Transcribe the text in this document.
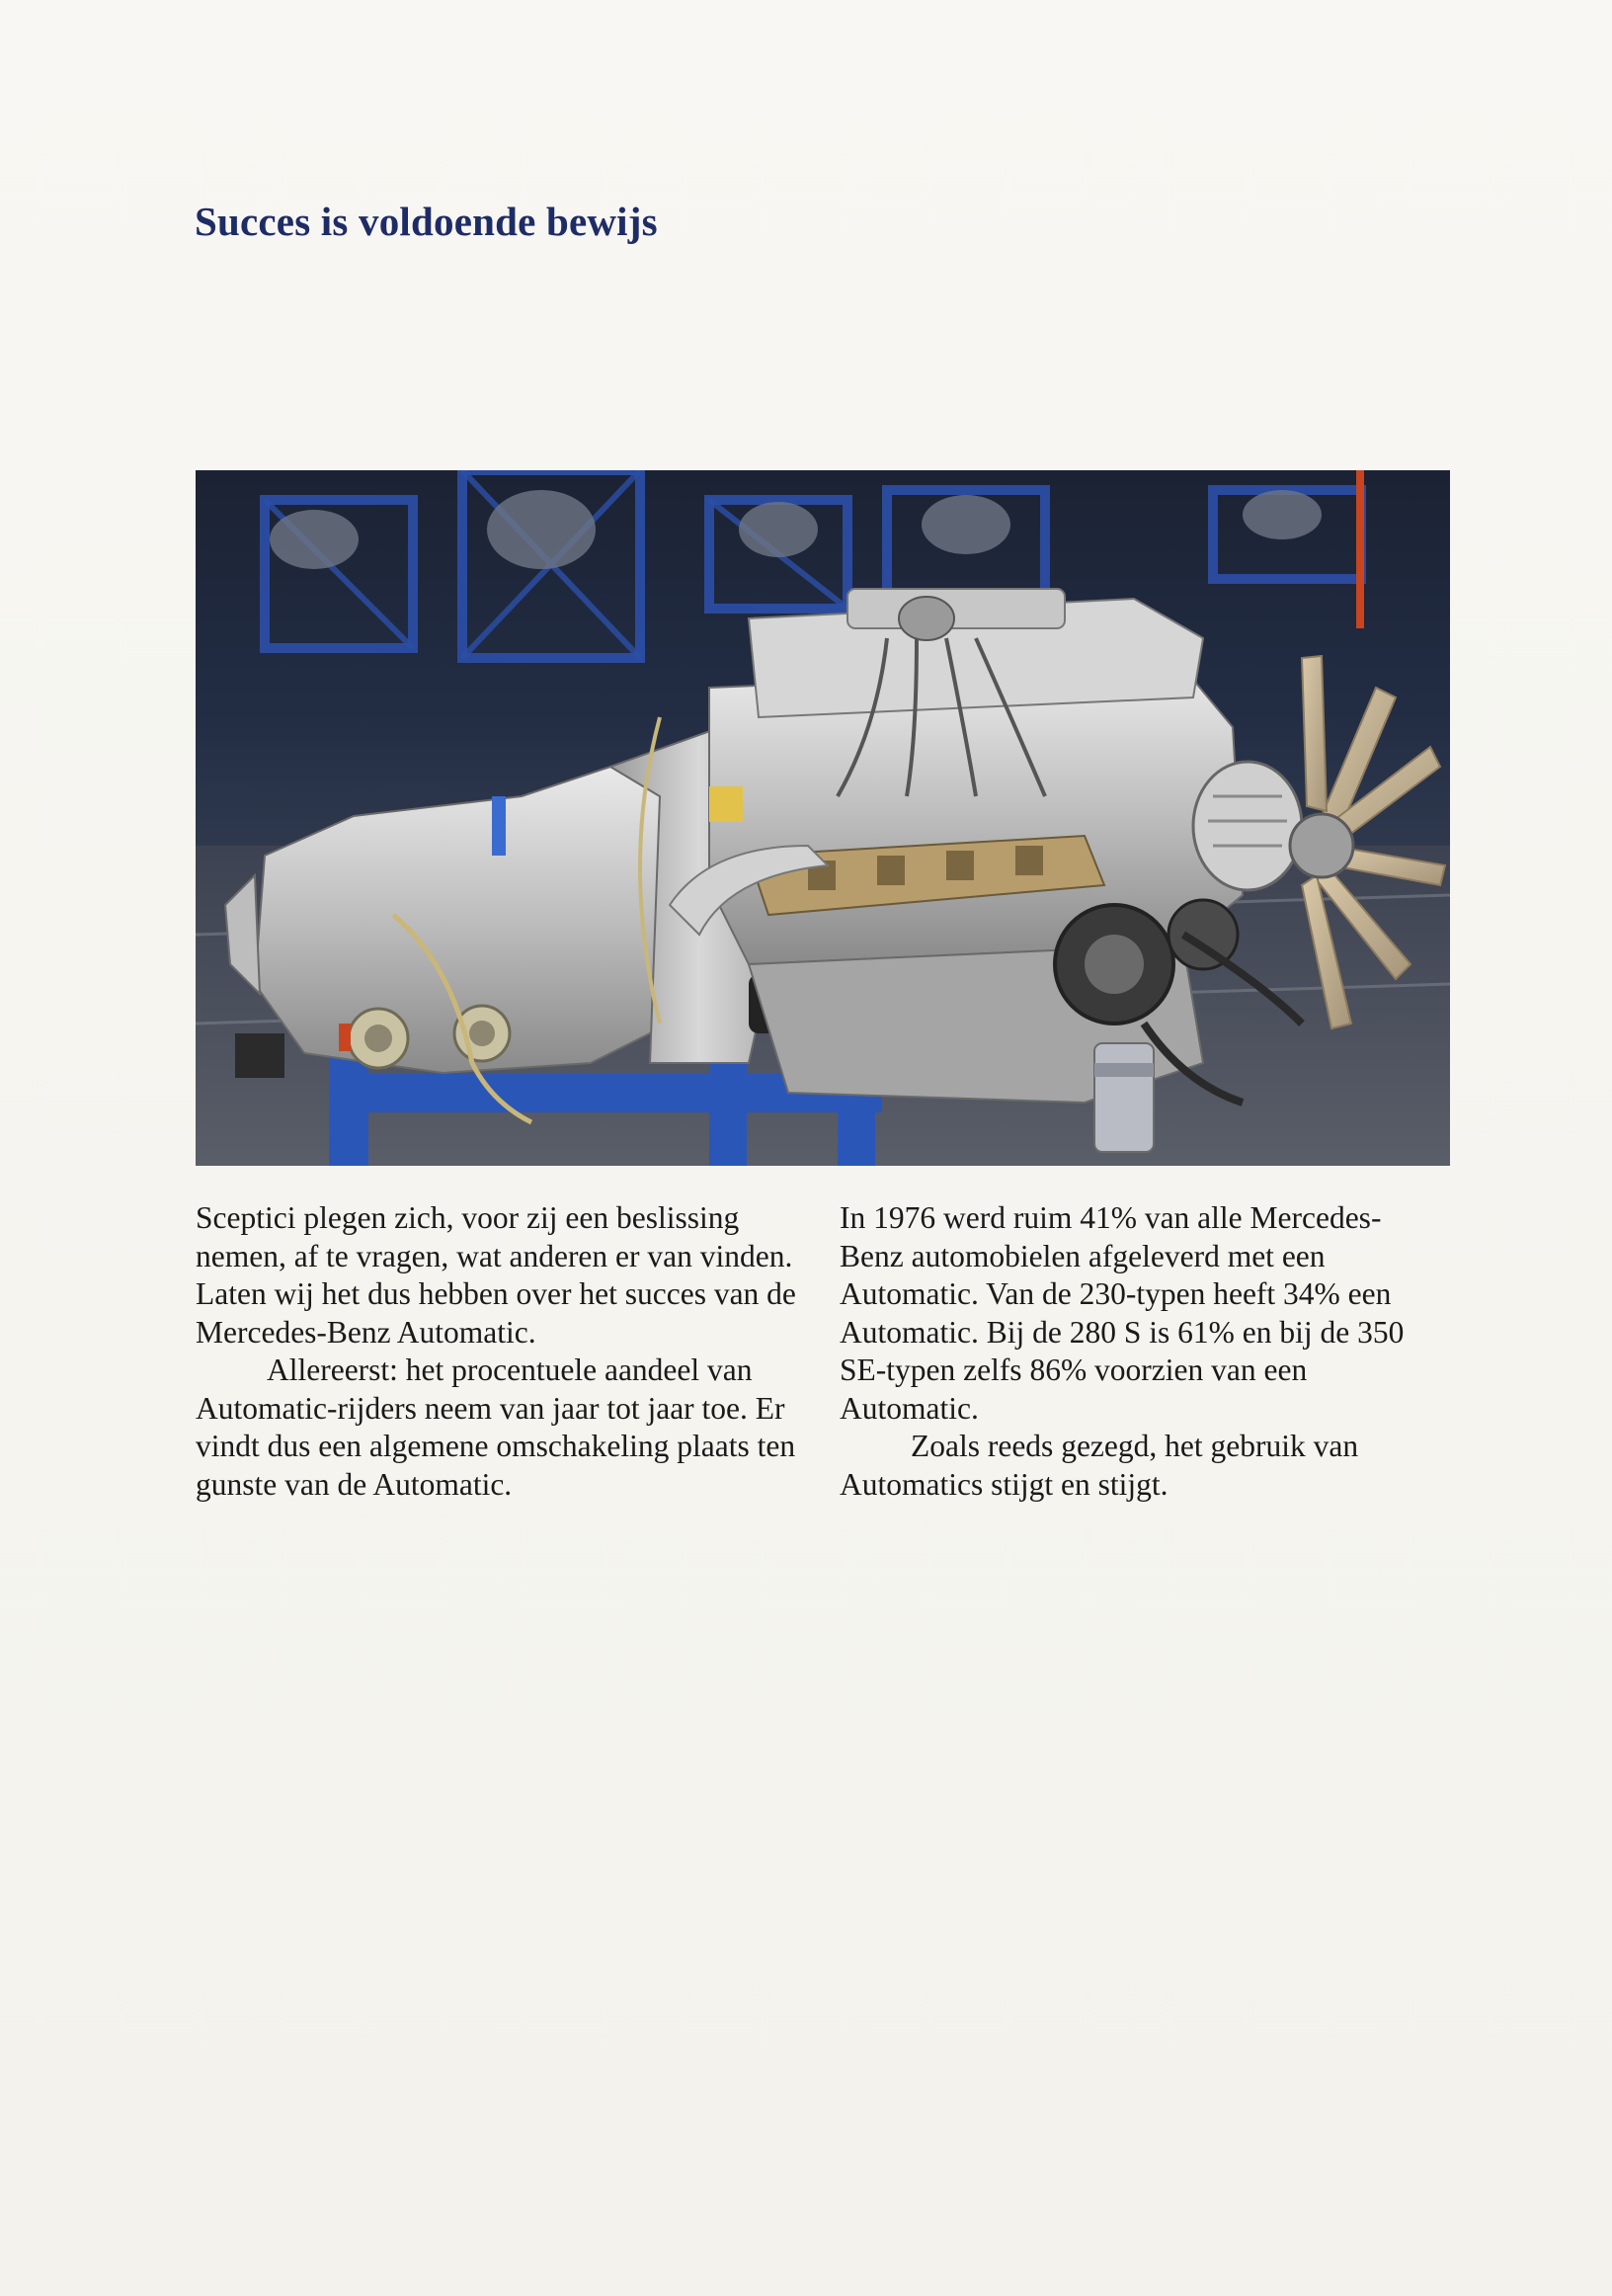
Succes is voldoende bewijs

Sceptici plegen zich, voor zij een beslissing nemen, af te vragen, wat anderen er van vinden. Laten wij het dus hebben over het succes van de Mercedes-Benz Automatic.

Allereerst: het procentuele aandeel van Automatic-rijders neem van jaar tot jaar toe. Er vindt dus een algemene omschakeling plaats ten gunste van de Automatic.

In 1976 werd ruim 41% van alle Mercedes-Benz automobielen afgeleverd met een Automatic. Van de 230-typen heeft 34% een Automatic. Bij de 280 S is 61% en bij de 350 SE-typen zelfs 86% voorzien van een Automatic.

Zoals reeds gezegd, het gebruik van Automatics stijgt en stijgt.
